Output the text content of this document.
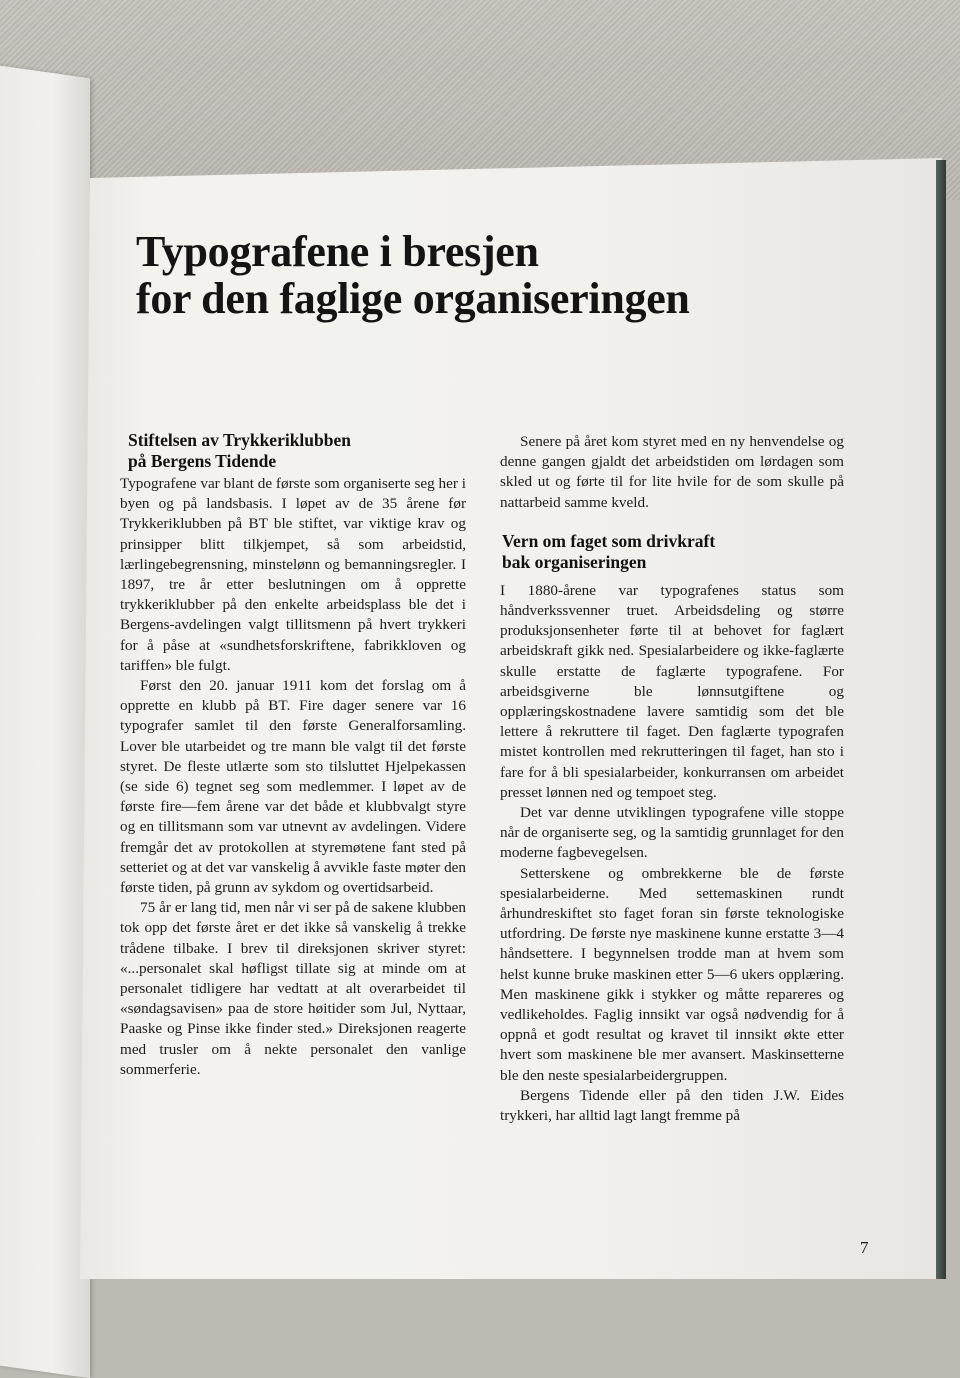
Typografene i bresjen
for den faglige organiseringen
Stiftelsen av Trykkeriklubben
på Bergens Tidende

Typografene var blant de første som organiserte seg her i byen og på landsbasis. I løpet av de 35 årene før Trykkeriklubben på BT ble stiftet, var viktige krav og prinsipper blitt tilkjempet, så som arbeidstid, lærlingebegrensning, minstelønn og bemanningsregler. I 1897, tre år etter beslutningen om å opprette trykkeriklubber på den enkelte arbeidsplass ble det i Bergens-avdelingen valgt tillitsmenn på hvert trykkeri for å påse at «sundhetsforskriftene, fabrikkloven og tariffen» ble fulgt.

Først den 20. januar 1911 kom det forslag om å opprette en klubb på BT. Fire dager senere var 16 typografer samlet til den første Generalforsamling. Lover ble utarbeidet og tre mann ble valgt til det første styret. De fleste utlærte som sto tilsluttet Hjelpekassen (se side 6) tegnet seg som medlemmer. I løpet av de første fire—fem årene var det både et klubbvalgt styre og en tillitsmann som var utnevnt av avdelingen. Videre fremgår det av protokollen at styremøtene fant sted på setteriet og at det var vanskelig å avvikle faste møter den første tiden, på grunn av sykdom og overtidsarbeid.

75 år er lang tid, men når vi ser på de sakene klubben tok opp det første året er det ikke så vanskelig å trekke trådene tilbake. I brev til direksjonen skriver styret: «...personalet skal høfligst tillate sig at minde om at personalet tidligere har vedtatt at alt overarbeidet til «søndagsavisen» paa de store høitider som Jul, Nyttaar, Paaske og Pinse ikke finder sted.» Direksjonen reagerte med trusler om å nekte personalet den vanlige sommerferie.

Senere på året kom styret med en ny henvendelse og denne gangen gjaldt det arbeidstiden om lørdagen som skled ut og førte til for lite hvile for de som skulle på nattarbeid samme kveld.

Vern om faget som drivkraft
bak organiseringen

I 1880-årene var typografenes status som håndverkssvenner truet. Arbeidsdeling og større produksjonsenheter førte til at behovet for faglært arbeidskraft gikk ned. Spesialarbeidere og ikke-faglærte skulle erstatte de faglærte typografene. For arbeidsgiverne ble lønnsutgiftene og opplæringskostnadene lavere samtidig som det ble lettere å rekruttere til faget. Den faglærte typografen mistet kontrollen med rekrutteringen til faget, han sto i fare for å bli spesialarbeider, konkurransen om arbeidet presset lønnen ned og tempoet steg.

Det var denne utviklingen typografene ville stoppe når de organiserte seg, og la samtidig grunnlaget for den moderne fagbevegelsen.

Setterskene og ombrekkerne ble de første spesialarbeiderne. Med settemaskinen rundt århundreskiftet sto faget foran sin første teknologiske utfordring. De første nye maskinene kunne erstatte 3—4 håndsettere. I begynnelsen trodde man at hvem som helst kunne bruke maskinen etter 5—6 ukers opplæring. Men maskinene gikk i stykker og måtte repareres og vedlikeholdes. Faglig innsikt var også nødvendig for å oppnå et godt resultat og kravet til innsikt økte etter hvert som maskinene ble mer avansert. Maskinsetterne ble den neste spesialarbeidergruppen.

Bergens Tidende eller på den tiden J.W. Eides trykkeri, har alltid lagt langt fremme på

7
